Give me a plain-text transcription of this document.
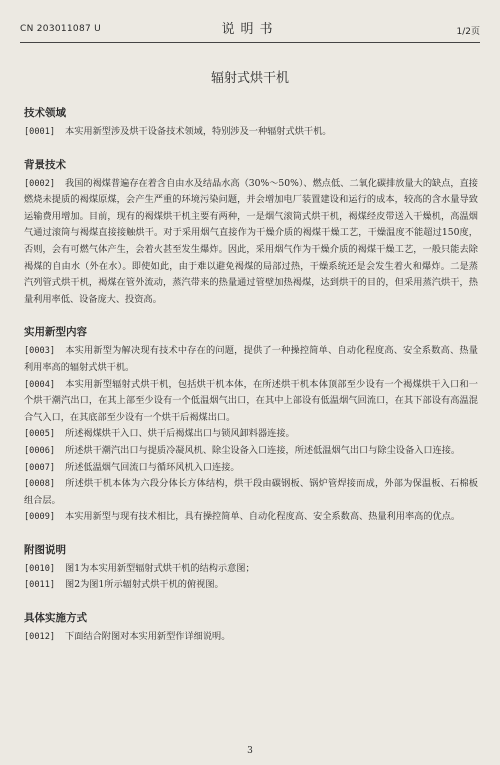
CN 203011087 U	说明书	1/2页
辐射式烘干机
技术领域

[0001] 本实用新型涉及烘干设备技术领域，特别涉及一种辐射式烘干机。

背景技术

[0002] 我国的褐煤普遍存在着含自由水及结晶水高（30%～50%）、燃点低、二氧化碳排放量大的缺点，直接燃烧未提质的褐煤原煤，会产生严重的环境污染问题，并会增加电厂装置建设和运行的成本，较高的含水量导致运输费用增加。目前，现有的褐煤烘干机主要有两种，一是烟气滚筒式烘干机，褐煤经皮带送入干燥机，高温烟气通过滚筒与褐煤直接接触烘干。对于采用烟气直接作为干燥介质的褐煤干燥工艺，干燥温度不能超过150度，否则，会有可燃气体产生，会着火甚至发生爆炸。因此，采用烟气作为干燥介质的褐煤干燥工艺，一般只能去除褐煤的自由水（外在水）。即使如此，由于难以避免褐煤的局部过热，干燥系统还是会发生着火和爆炸。二是蒸汽列管式烘干机，褐煤在管外流动，蒸汽带来的热量通过管壁加热褐煤，达到烘干的目的，但采用蒸汽烘干，热量利用率低、设备庞大、投资高。

实用新型内容

[0003] 本实用新型为解决现有技术中存在的问题，提供了一种操控简单、自动化程度高、安全系数高、热量利用率高的辐射式烘干机。

[0004] 本实用新型辐射式烘干机，包括烘干机本体，在所述烘干机本体顶部至少设有一个褐煤烘干入口和一个烘干潮汽出口，在其上部至少设有一个低温烟气出口，在其中上部设有低温烟气回流口，在其下部设有高温混合气入口，在其底部至少设有一个烘干后褐煤出口。

[0005] 所述褐煤烘干入口、烘干后褐煤出口与锁风卸料器连接。

[0006] 所述烘干潮汽出口与提质冷凝风机、除尘设备入口连接，所述低温烟气出口与除尘设备入口连接。

[0007] 所述低温烟气回流口与循环风机入口连接。

[0008] 所述烘干机本体为六段分体长方体结构，烘干段由碳钢板、锅炉管焊接而成，外部为保温板、石棉板组合层。

[0009] 本实用新型与现有技术相比，具有操控简单、自动化程度高、安全系数高、热量利用率高的优点。

附图说明

[0010] 图1为本实用新型辐射式烘干机的结构示意图；

[0011] 图2为图1所示辐射式烘干机的俯视图。

具体实施方式

[0012] 下面结合附图对本实用新型作详细说明。

3
